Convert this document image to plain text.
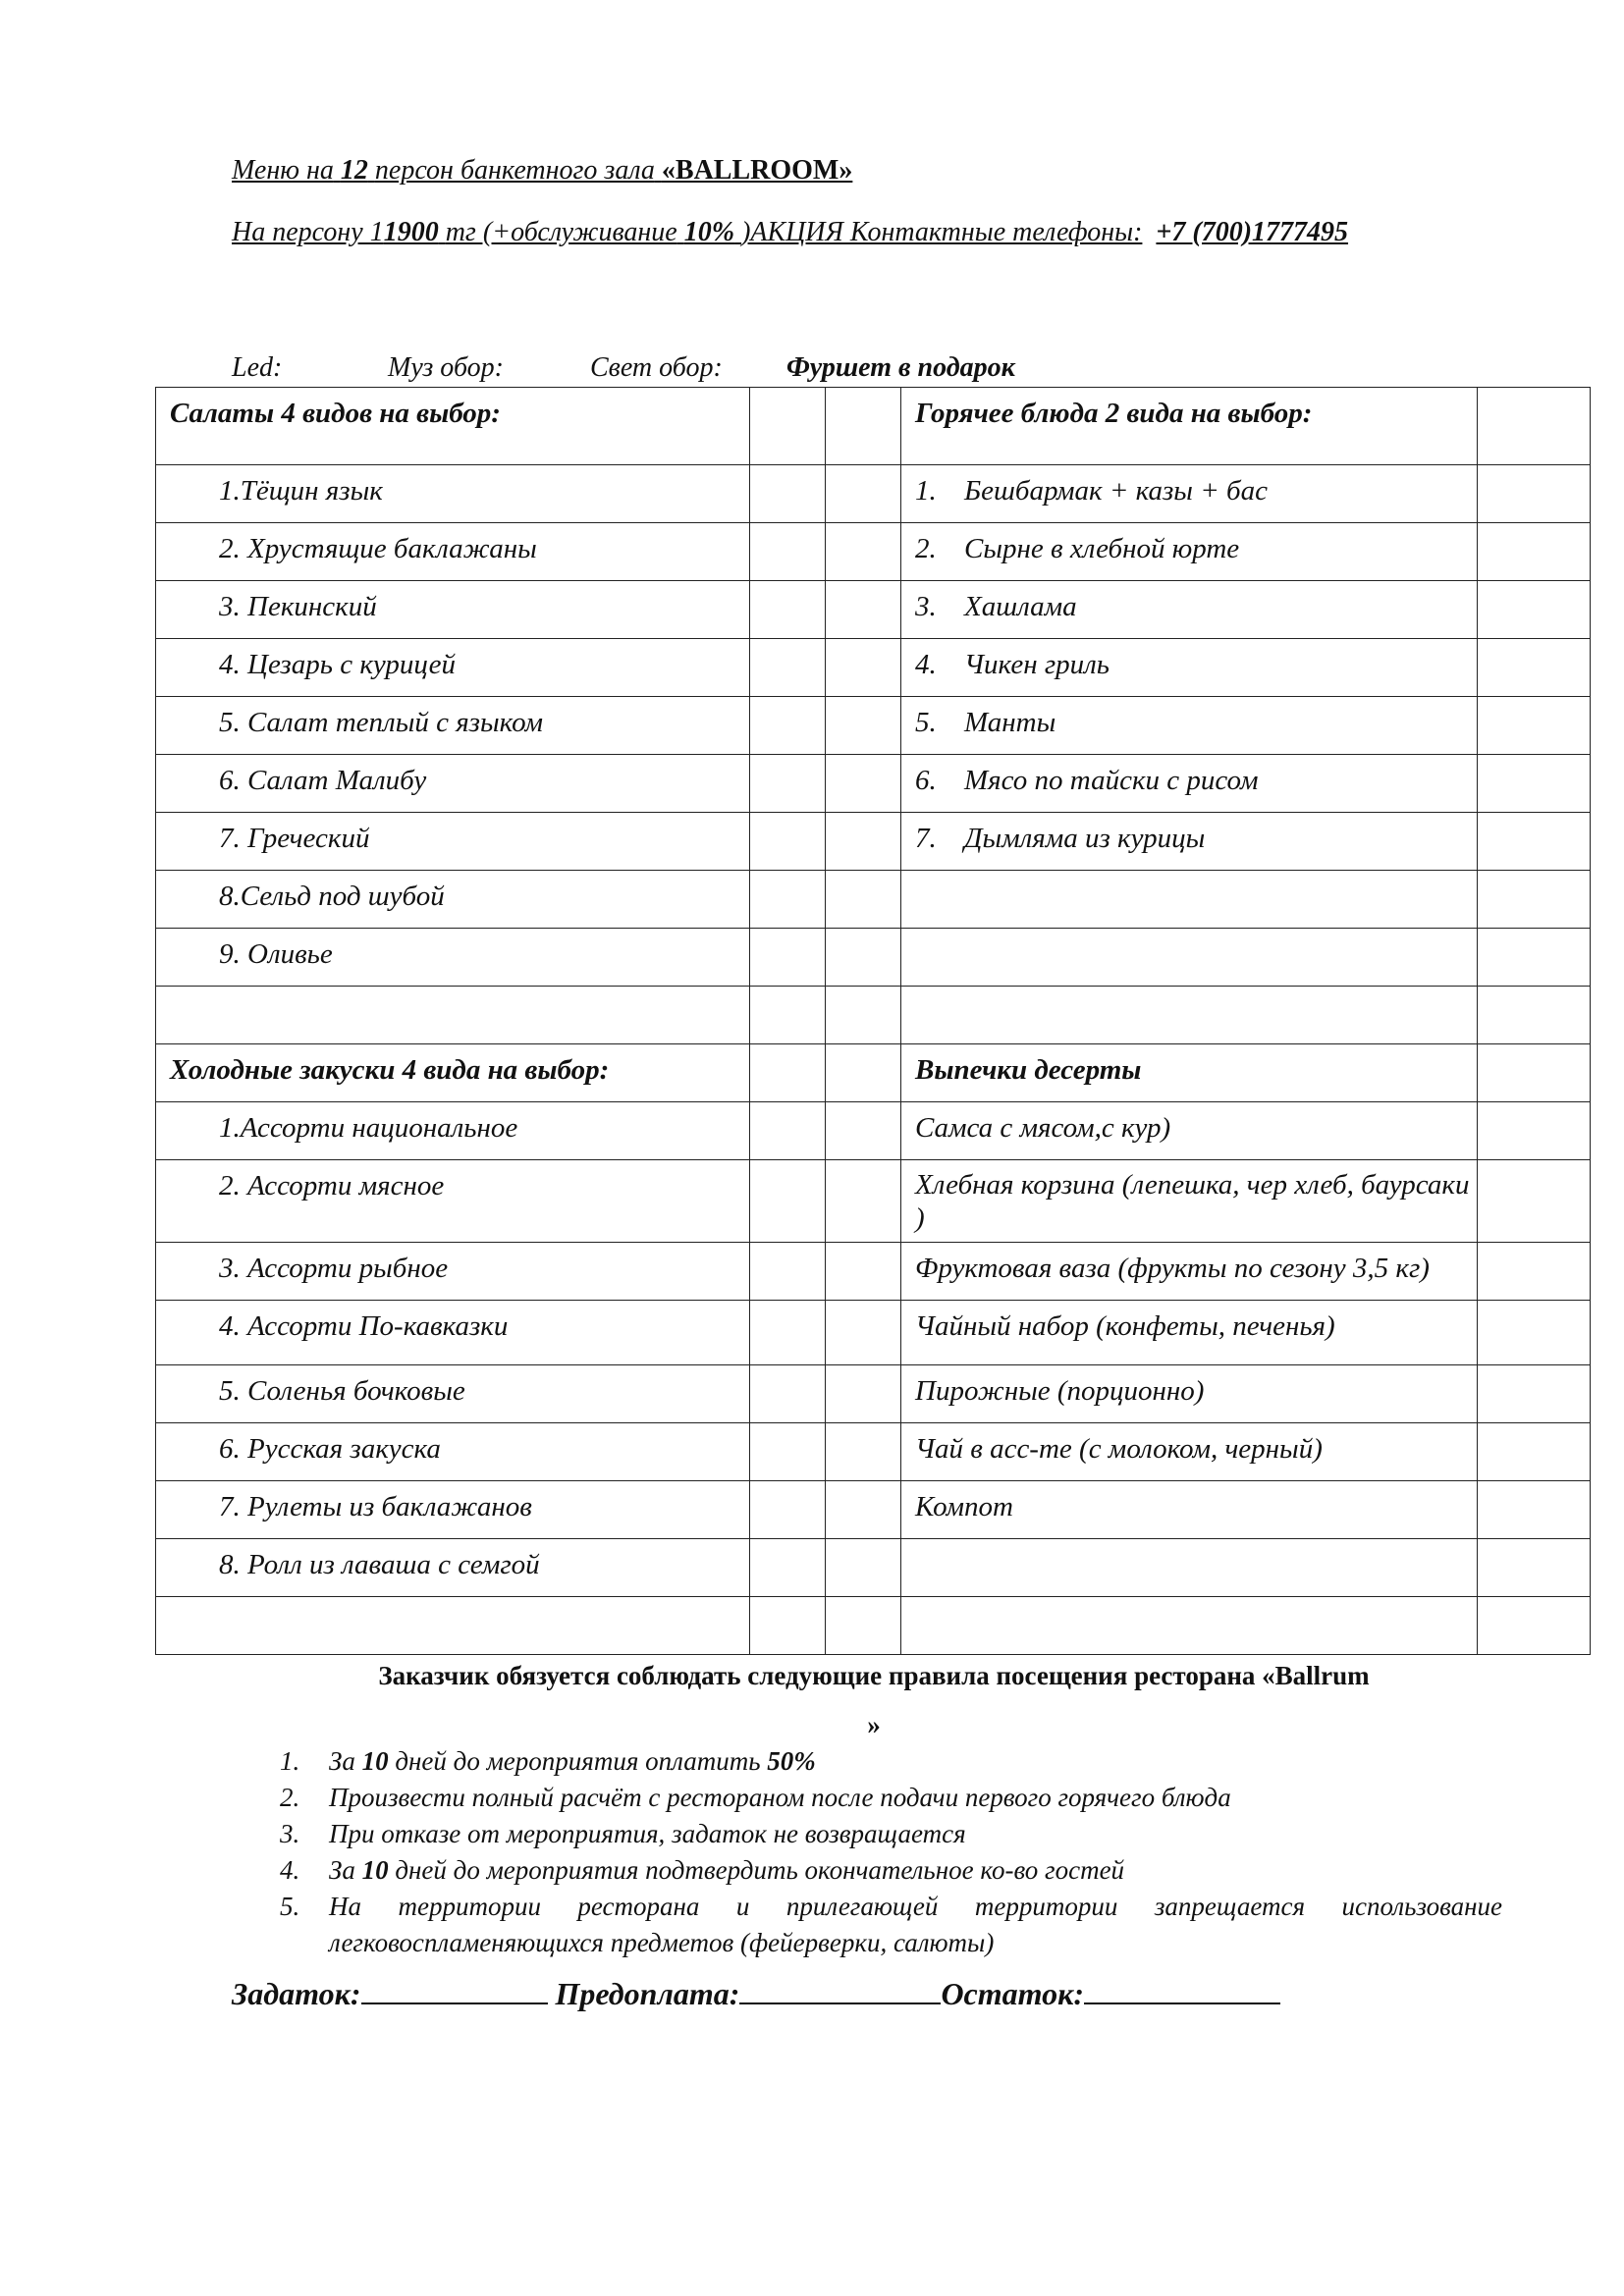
Меню на 12 персон банкетного зала «BALLROOM»
На персону 11900 тг (+обслуживание 10% )АКЦИЯ Контактные телефоны: +7 (700)1777495
Led:	Муз обор:	Свет обор: Фуршет в подарок
Салаты 4 видов на выбор:			Горячее блюда 2 вида на выбор:	
1.Тёщин язык			1. Бешбармак + казы + бас	
2. Хрустящие баклажаны			2. Сырне в хлебной юрте	
3. Пекинский			3. Хашлама	
4. Цезарь с курицей			4. Чикен гриль	
5. Салат теплый с языком			5. Манты	
6. Салат Малибу			6. Мясо по тайски с рисом	
7. Греческий			7. Дымляма из курицы	
8.Сельд под шубой				
9. Оливье				

Холодные закуски 4 вида на выбор:			Выпечки десерты	
1.Ассорти национальное			Самса с мясом,с кур)	
2. Ассорти мясное			Хлебная корзина (лепешка, чер хлеб, баурсаки )	
3. Ассорти рыбное			Фруктовая ваза (фрукты по сезону 3,5 кг)	
4. Ассорти По-кавказки			Чайный набор (конфеты, печенья)	
5. Соленья бочковые			Пирожные (порционно)	
6. Русская закуска			Чай в асс-те (с молоком, черный)	
7. Рулеты из баклажанов			Компот	
8. Ролл из лаваша с семгой				

Заказчик обязуется соблюдать следующие правила посещения ресторана «Ballrum
»
1. За 10 дней до мероприятия оплатить 50%
2. Произвести полный расчёт с рестораном после подачи первого горячего блюда
3. При отказе от мероприятия, задаток не возвращается
4. За 10 дней до мероприятия подтвердить окончательное ко-во гостей
5. На территории ресторана и прилегающей территории запрещается использование легковоспламеняющихся предметов (фейерверки, салюты)
Задаток:	Предоплата:	Остаток:
